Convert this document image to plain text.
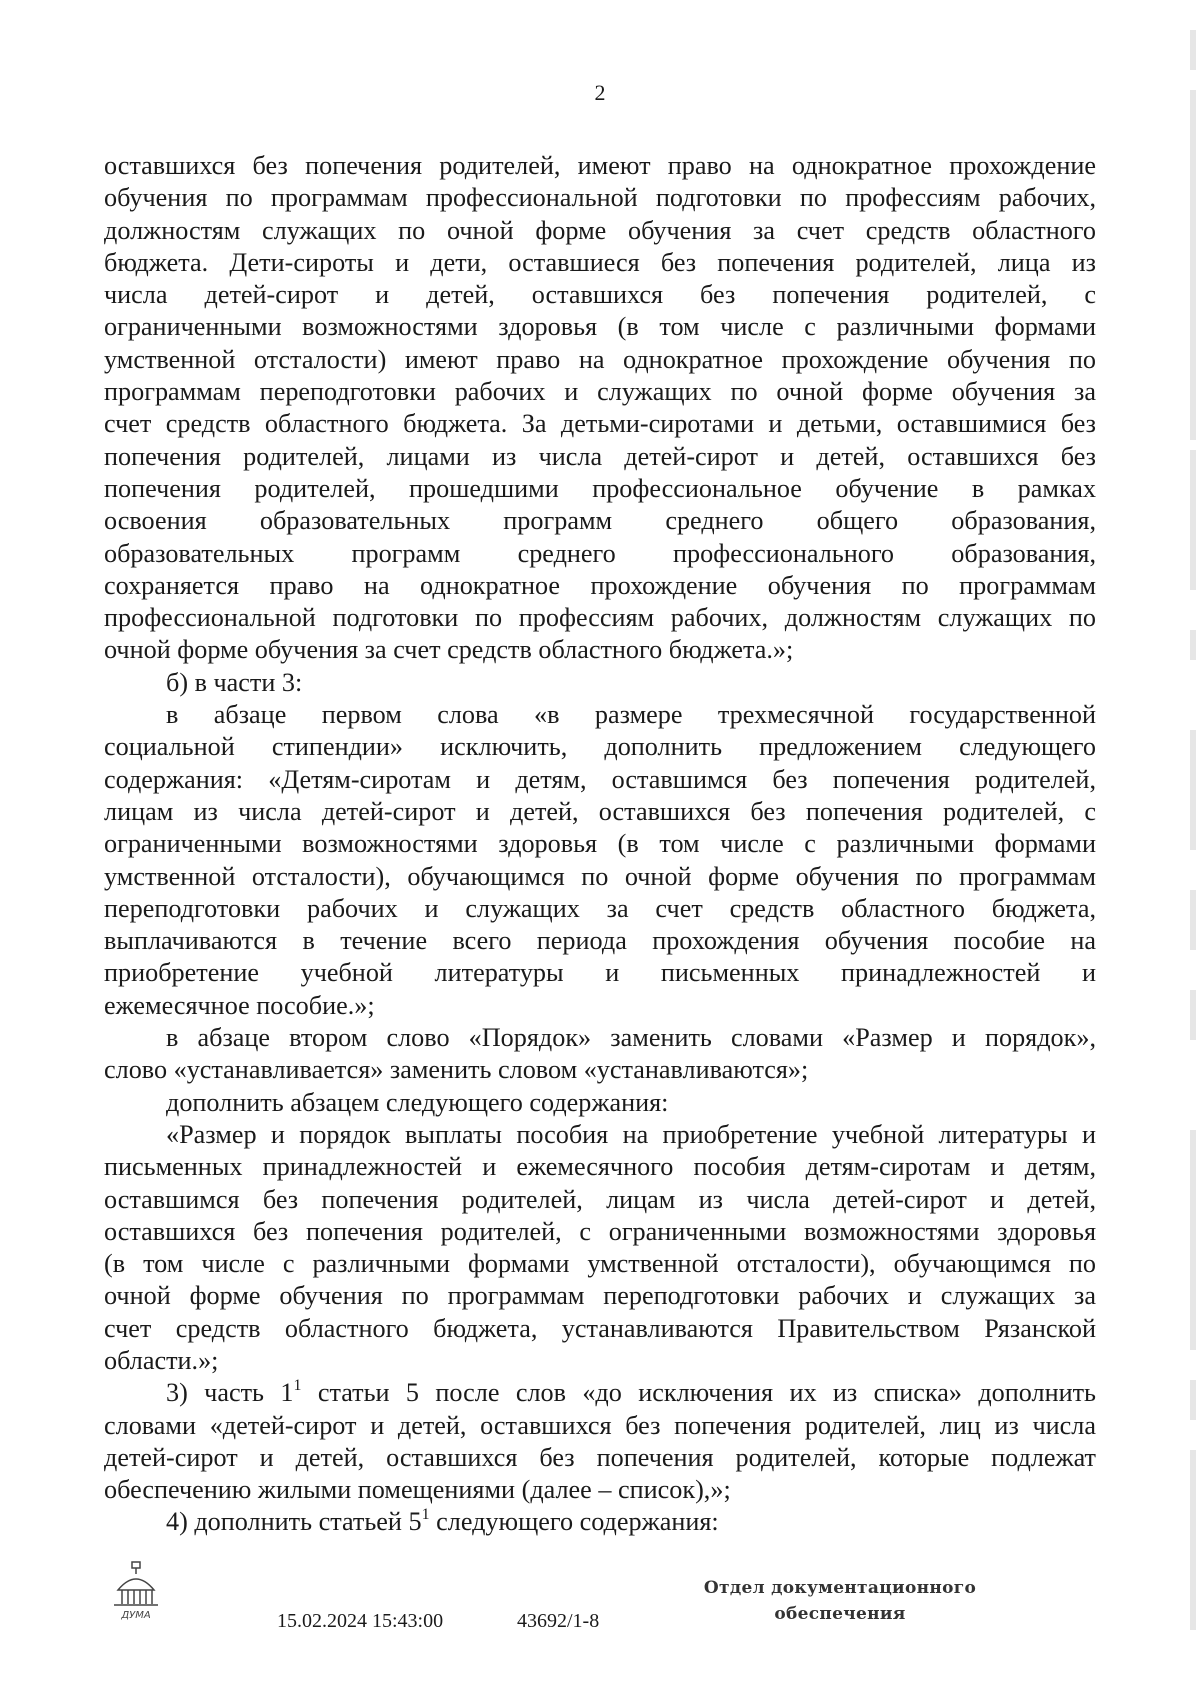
2
оставшихся без попечения родителей, имеют право на однократное прохождение
обучения по программам профессиональной подготовки по профессиям рабочих,
должностям служащих по очной форме обучения за счет средств областного
бюджета. Дети-сироты и дети, оставшиеся без попечения родителей, лица из
числа детей-сирот и детей, оставшихся без попечения родителей, с
ограниченными возможностями здоровья (в том числе с различными формами
умственной отсталости) имеют право на однократное прохождение обучения по
программам переподготовки рабочих и служащих по очной форме обучения за
счет средств областного бюджета. За детьми-сиротами и детьми, оставшимися без
попечения родителей, лицами из числа детей-сирот и детей, оставшихся без
попечения родителей, прошедшими профессиональное обучение в рамках
освоения образовательных программ среднего общего образования,
образовательных программ среднего профессионального образования,
сохраняется право на однократное прохождение обучения по программам
профессиональной подготовки по профессиям рабочих, должностям служащих по
очной форме обучения за счет средств областного бюджета.»;
б) в части 3:
в абзаце первом слова «в размере трехмесячной государственной
социальной стипендии» исключить, дополнить предложением следующего
содержания: «Детям-сиротам и детям, оставшимся без попечения родителей,
лицам из числа детей-сирот и детей, оставшихся без попечения родителей, с
ограниченными возможностями здоровья (в том числе с различными формами
умственной отсталости), обучающимся по очной форме обучения по программам
переподготовки рабочих и служащих за счет средств областного бюджета,
выплачиваются в течение всего периода прохождения обучения пособие на
приобретение учебной литературы и письменных принадлежностей и
ежемесячное пособие.»;
в абзаце втором слово «Порядок» заменить словами «Размер и порядок»,
слово «устанавливается» заменить словом «устанавливаются»;
дополнить абзацем следующего содержания:
«Размер и порядок выплаты пособия на приобретение учебной литературы и
письменных принадлежностей и ежемесячного пособия детям-сиротам и детям,
оставшимся без попечения родителей, лицам из числа детей-сирот и детей,
оставшихся без попечения родителей, с ограниченными возможностями здоровья
(в том числе с различными формами умственной отсталости), обучающимся по
очной форме обучения по программам переподготовки рабочих и служащих за
счет средств областного бюджета, устанавливаются Правительством Рязанской
области.»;
3) часть $1^1$ статьи 5 после слов «до исключения их из списка» дополнить
словами «детей-сирот и детей, оставшихся без попечения родителей, лиц из числа
детей-сирот и детей, оставшихся без попечения родителей, которые подлежат
обеспечению жилыми помещениями (далее – список),»;
4) дополнить статьей $5^1$ следующего содержания:
ДУМА	15.02.2024 15:43:00	43692/1-8
Отдел документационного
обеспечения
